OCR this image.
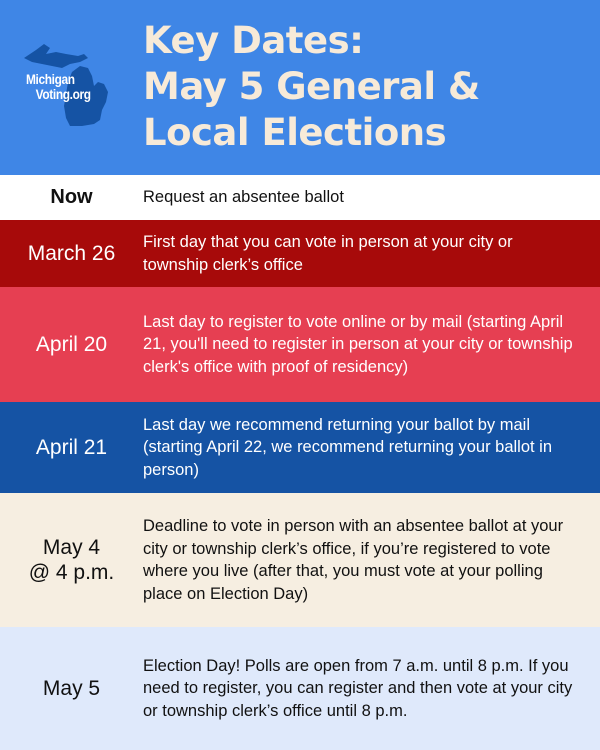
Michigan
Voting.org
Key Dates:
May 5 General &
Local Elections
Now	Request an absentee ballot
March 26	First day that you can vote in person at your city or township clerk’s office
April 20
Last day to register to vote online or by mail (starting April 21, you'll need to register in person at your city or township clerk's office with proof of residency)
April 21
Last day we recommend returning your ballot by mail (starting April 22, we recommend returning your ballot in person)
May 4
@ 4 p.m.
Deadline to vote in person with an absentee ballot at your city or township clerk’s office, if you’re registered to vote where you live (after that, you must vote at your polling place on Election Day)
May 5
Election Day! Polls are open from 7 a.m. until 8 p.m. If you need to register, you can register and then vote at your city or township clerk’s office until 8 p.m.
